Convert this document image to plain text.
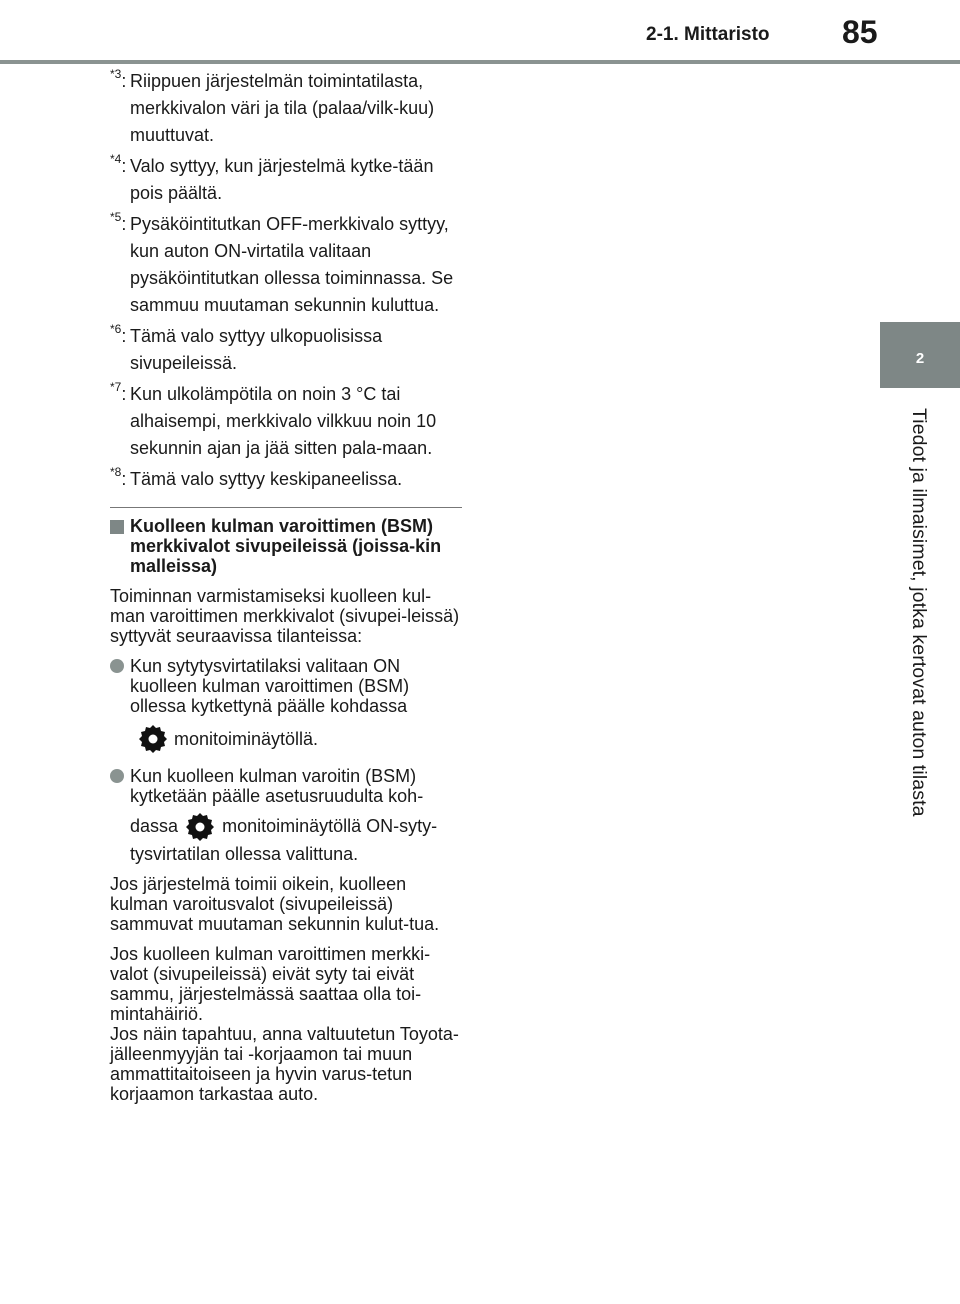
2-1. Mittaristo 85
2
Tiedot ja ilmaisimet, jotka kertovat auton tilasta
$^{*3}$: Riippuen järjestelmän toimintatilasta, merkkivalon väri ja tila (palaa/vilk-kuu) muuttuvat.
$^{*4}$: Valo syttyy, kun järjestelmä kytke-tään pois päältä.
$^{*5}$: Pysäköintitutkan OFF-merkkivalo syttyy, kun auton ON-virtatila valitaan pysäköintitutkan ollessa toiminnassa. Se sammuu muutaman sekunnin kuluttua.
$^{*6}$: Tämä valo syttyy ulkopuolisissa sivupeileissä.
$^{*7}$: Kun ulkolämpötila on noin 3 °C tai alhaisempi, merkkivalo vilkkuu noin 10 sekunnin ajan ja jää sitten pala-maan.
$^{*8}$: Tämä valo syttyy keskipaneelissa.
Kuolleen kulman varoittimen (BSM) merkkivalot sivupeileissä (joissa-kin malleissa)

Toiminnan varmistamiseksi kuolleen kul-man varoittimen merkkivalot (sivupei-leissä) syttyvät seuraavissa tilanteissa:

Kun sytytysvirtatilaksi valitaan ON kuolleen kulman varoittimen (BSM) ollessa kytkettynä päälle kohdassa
monitoiminäytöllä.
Kun kuolleen kulman varoitin (BSM) kytketään päälle asetusruudulta koh-
dassa monitoiminäytöllä ON-syty-
tysvirtatilan ollessa valittuna.

Jos järjestelmä toimii oikein, kuolleen kulman varoitusvalot (sivupeileissä) sammuvat muutaman sekunnin kulut-tua.

Jos kuolleen kulman varoittimen merkki-valot (sivupeileissä) eivät syty tai eivät sammu, järjestelmässä saattaa olla toi-mintahäiriö.
Jos näin tapahtuu, anna valtuutetun Toyota-jälleenmyyjän tai -korjaamon tai muun ammattitaitoiseen ja hyvin varus-tetun korjaamon tarkastaa auto.
